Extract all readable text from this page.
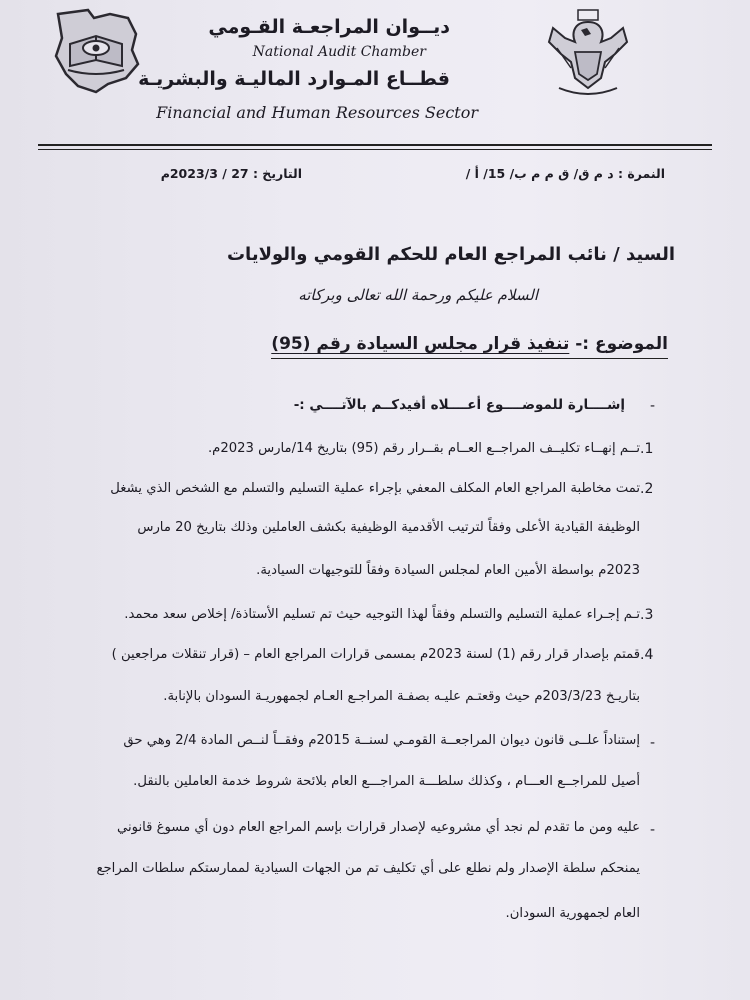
ديــوان المراجعـة القـومي
National Audit Chamber
قطــاع المـوارد الماليـة والبشريـة
Financial and Human Resources Sector
النمرة : د م ق/ ق م م ب/ 15/ أ /
التاريخ : 27 / 2023/3م
السيد / نائب المراجع العام للحكم القومي والولايات
السلام عليكم ورحمة الله تعالى وبركاته
الموضوع :- تنفيذ قرار مجلس السيادة رقم (95)
-
إشــــارة للموضــــوع أعــــلاه أفيدكــم بالآتــــي :-
تــم إنهــاء تكليــف المراجــع العــام بقــرار رقم (95) بتاريخ 14/مارس 2023م. .1
تمت مخاطبة المراجع العام المكلف المعفي بإجراء عملية التسليم والتسلم مع الشخص الذي يشغل .2
الوظيفة القيادية الأعلى وفقاً لترتيب الأقدمية الوظيفية بكشف العاملين وذلك بتاريخ 20 مارس
2023م بواسطة الأمين العام لمجلس السيادة وفقاً للتوجيهات السيادية.
تـم إجـراء عملية التسليم والتسلم وفقاً لهذا التوجيه حيث تم تسليم الأستاذة/ إخلاص سعد محمد. .3
قمتم بإصدار قرار رقم (1) لسنة 2023م بمسمى قرارات المراجع العام – (قرار تنقلات مراجعين ) .4
بتاريـخ 203/3/23م حيث وقعتـم عليـه بصفـة المراجـع العـام لجمهوريـة السودان بالإنابة.
-
إستناداً علــى قانون ديوان المراجعــة القومـي لسنــة 2015م وفقــاً لنــص المادة 2/4 وهي حق
أصيل للمراجــع العـــام ، وكذلك سلطـــة المراجـــع العام بلائحة شروط خدمة العاملين بالنقل.
-
عليه ومن ما تقدم لم نجد أي مشروعيه لإصدار قرارات بإسم المراجع العام دون أي مسوغ قانوني
يمنحكم سلطة الإصدار ولم نطلع على أي تكليف تم من الجهات السيادية لممارستكم سلطات المراجع
العام لجمهورية السودان.
